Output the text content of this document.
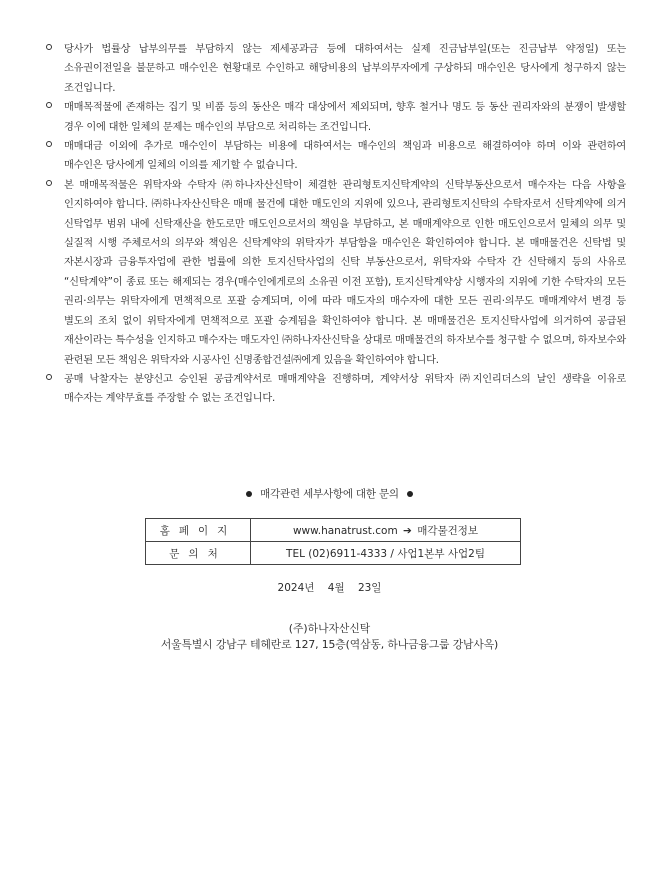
당사가 법률상 납부의무를 부담하지 않는 제세공과금 등에 대하여서는 실제 진금납부일(또는 진금납부 약정일) 또는 소유권이전일을 불문하고 매수인은 현황대로 수인하고 해당비용의 납부의무자에게 구상하되 매수인은 당사에게 청구하지 않는 조건입니다.
매매목적물에 존재하는 집기 및 비품 등의 동산은 매각 대상에서 제외되며, 향후 철거나 명도 등 동산 권리자와의 분쟁이 발생할 경우 이에 대한 일체의 문제는 매수인의 부담으로 처리하는 조건입니다.
매매대금 이외에 추가로 매수인이 부담하는 비용에 대하여서는 매수인의 책임과 비용으로 해결하여야 하며 이와 관련하여 매수인은 당사에게 일체의 이의를 제기할 수 없습니다.
본 매매목적물은 위탁자와 수탁자 ㈜하나자산신탁이 체결한 관리형토지신탁계약의 신탁부동산으로서 매수자는 다음 사항을 인지하여야 합니다. ㈜하나자산신탁은 매매 물건에 대한 매도인의 지위에 있으나, 관리형토지신탁의 수탁자로서 신탁계약에 의거 신탁업무 범위 내에 신탁재산을 한도로만 매도인으로서의 책임을 부담하고, 본 매매계약으로 인한 매도인으로서 일체의 의무 및 실질적 시행 주체로서의 의무와 책임은 신탁계약의 위탁자가 부담함을 매수인은 확인하여야 합니다. 본 매매물건은 신탁법 및 자본시장과 금융투자업에 관한 법률에 의한 토지신탁사업의 신탁 부동산으로서, 위탁자와 수탁자 간 신탁해지 등의 사유로 “신탁계약”이 종료 또는 해제되는 경우(매수인에게로의 소유권 이전 포함), 토지신탁계약상 시행자의 지위에 기한 수탁자의 모든 권리·의무는 위탁자에게 면책적으로 포괄 승계되며, 이에 따라 매도자의 매수자에 대한 모든 권리·의무도 매매계약서 변경 등 별도의 조치 없이 위탁자에게 면책적으로 포괄 승계됨을 확인하여야 합니다. 본 매매물건은 토지신탁사업에 의거하여 공급된 재산이라는 특수성을 인지하고 매수자는 매도자인 ㈜하나자산신탁을 상대로 매매물건의 하자보수를 청구할 수 없으며, 하자보수와 관련된 모든 책임은 위탁자와 시공사인 신명종합건설㈜에게 있음을 확인하여야 합니다.
공매 낙찰자는 분양신고 승인된 공급계약서로 매매계약을 진행하며, 계약서상 위탁자 ㈜지인리더스의 날인 생략을 이유로 매수자는 계약무효를 주장할 수 없는 조건입니다.
매각관련 세부사항에 대한 문의
홈페이지	www.hanatrust.com ➔ 매각물건정보
문의처	TEL (02)6911-4333 / 사업1본부 사업2팀
2024년 4월 23일
(주)하나자산신탁
서울특별시 강남구 테헤란로 127, 15층(역삼동, 하나금융그룹 강남사옥)
